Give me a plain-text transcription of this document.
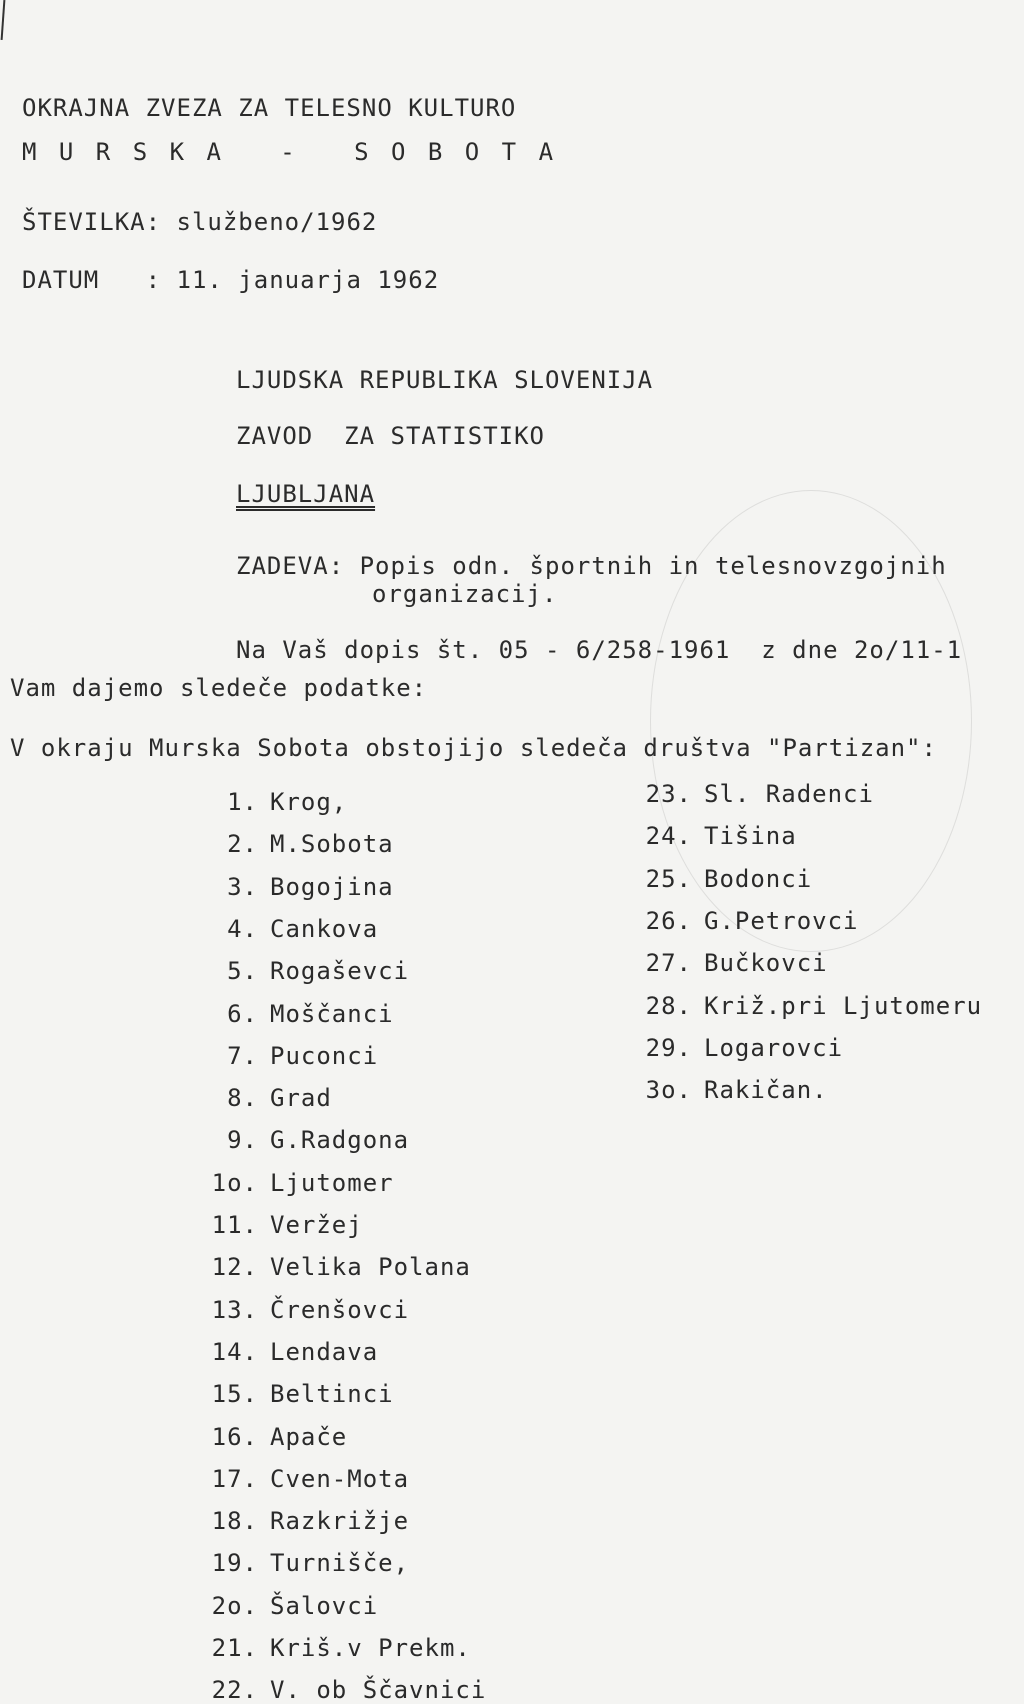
OKRAJNA ZVEZA ZA TELESNO KULTURO
M U R S K A   -   S O B O T A
ŠTEVILKA: službeno/1962
DATUM   : 11. januarja 1962
LJUDSKA REPUBLIKA SLOVENIJA
ZAVOD  ZA STATISTIKO
LJUBLJANA
ZADEVA: Popis odn. športnih in telesnovzgojnih
organizacij.
Na Vaš dopis št. 05 - 6/258-1961  z dne 2o/11-1
Vam dajemo sledeče podatke:
V okraju Murska Sobota obstojijo sledeča društva "Partizan":
1. Krog,
2. M.Sobota
3. Bogojina
4. Cankova
5. Rogaševci
6. Moščanci
7. Puconci
8. Grad
9. G.Radgona
1o. Ljutomer
11. Veržej
12. Velika Polana
13. Črenšovci
14. Lendava
15. Beltinci
16. Apače
17. Cven-Mota
18. Razkrižje
19. Turnišče,
2o. Šalovci
21. Kriš.v Prekm.
22. V. ob Ščavnici
23. Sl. Radenci
24. Tišina
25. Bodonci
26. G.Petrovci
27. Bučkovci
28. Križ.pri Ljutomeru
29. Logarovci
3o. Rakičan.
